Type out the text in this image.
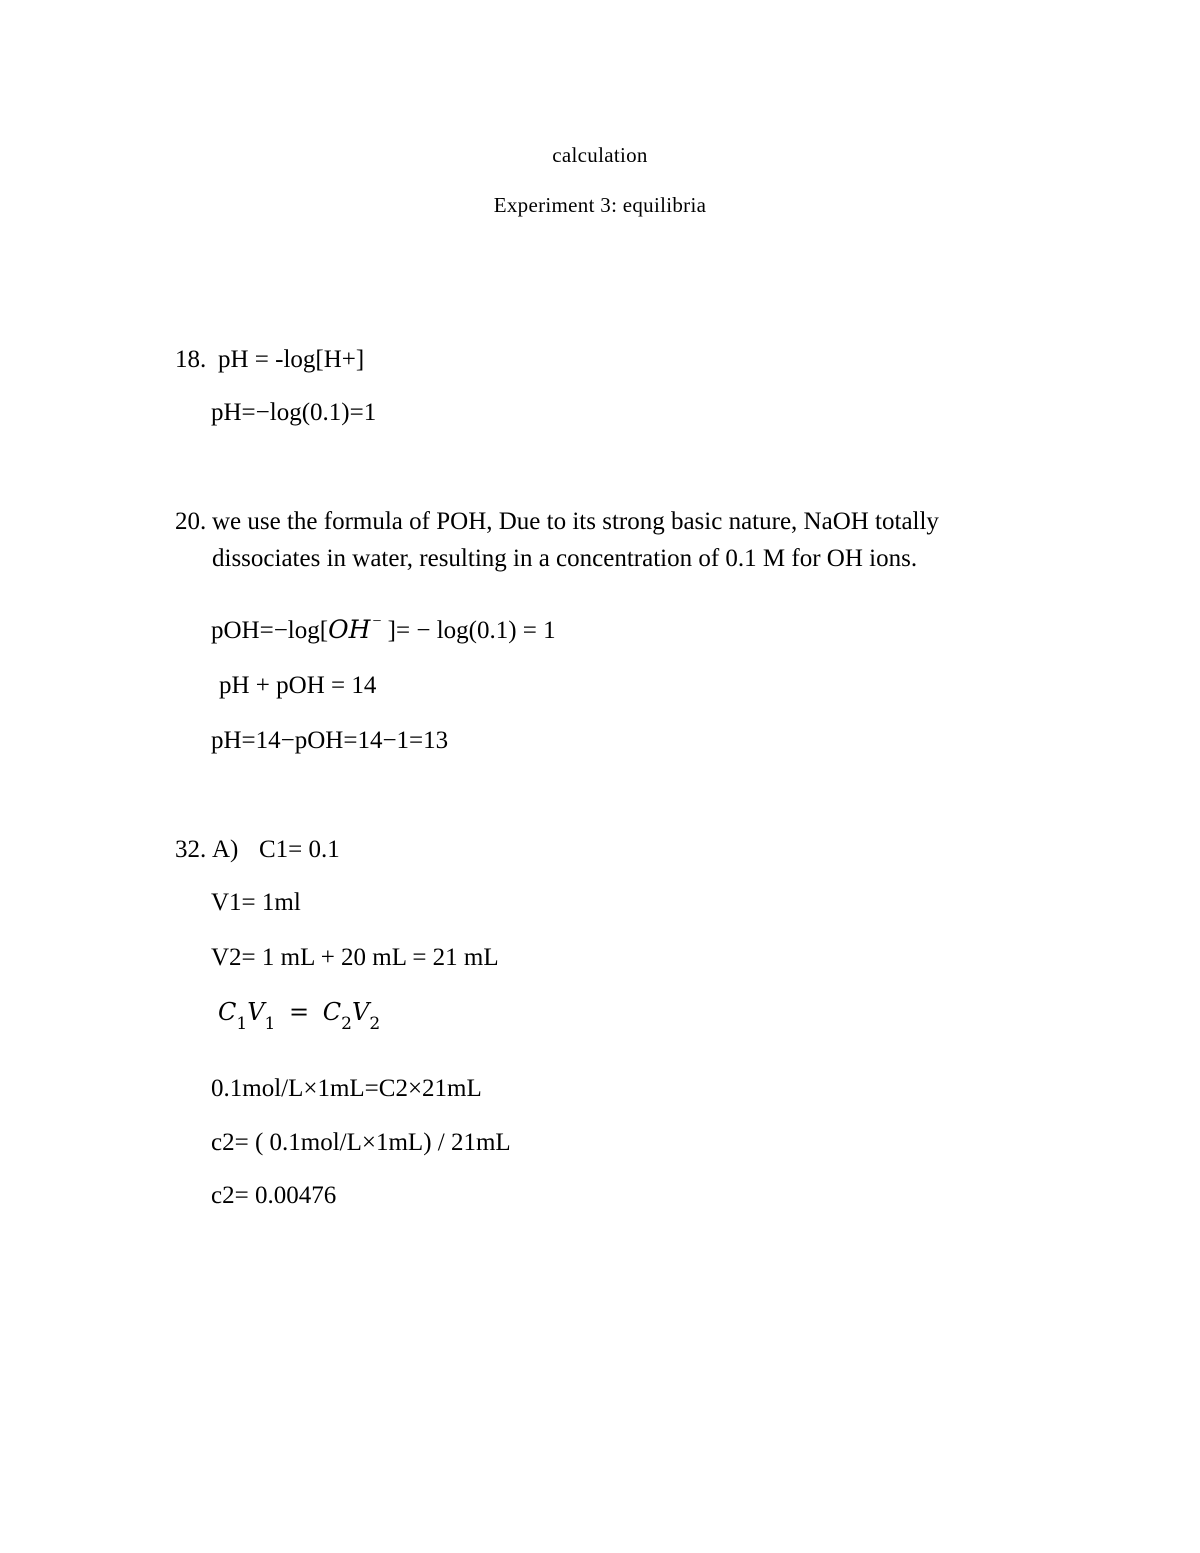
calculation
Experiment 3: equilibria
18. pH = -log[H+]
pH=−log(0.1)=1
20. we use the formula of POH, Due to its strong basic nature, NaOH totally
dissociates in water, resulting in a concentration of 0.1 M for OH ions.
pOH=−log[OH − ]= − log(0.1) = 1
pH + pOH = 14
pH=14−pOH=14−1=13
32. A) C1= 0.1
V1= 1ml
V2= 1 mL + 20 mL = 21 mL
$C_1V_1 = C_2V_2$
0.1mol/L×1mL=C2×21mL
c2= ( 0.1mol/L×1mL) / 21mL
c2= 0.00476
